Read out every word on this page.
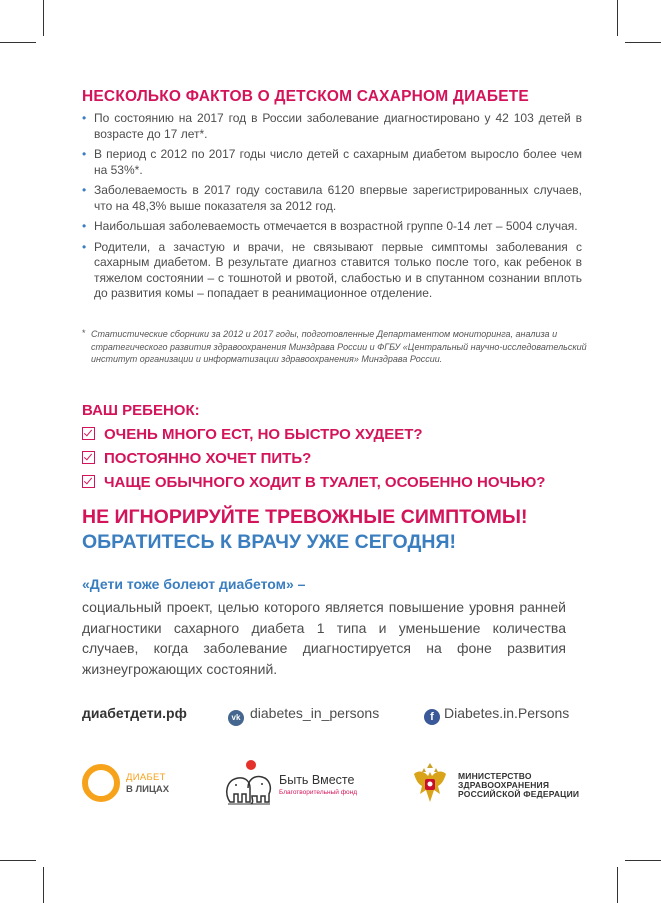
НЕСКОЛЬКО ФАКТОВ О ДЕТСКОМ САХАРНОМ ДИАБЕТЕ
• По состоянию на 2017 год в России заболевание диагностировано у 42 103 детей в возрасте до 17 лет*.
• В период с 2012 по 2017 годы число детей с сахарным диабетом выросло более чем на 53%*.
• Заболеваемость в 2017 году составила 6120 впервые зарегистрированных случаев, что на 48,3% выше показателя за 2012 год.
• Наибольшая заболеваемость отмечается в возрастной группе 0-14 лет – 5004 случая.
• Родители, а зачастую и врачи, не связывают первые симптомы заболевания с сахарным диабетом. В результате диагноз ставится только после того, как ребенок в тяжелом состоянии – с тошнотой и рвотой, слабостью и в спутанном сознании вплоть до развития комы – попадает в реанимационное отделение.
* Статистические сборники за 2012 и 2017 годы, подготовленные Департаментом мониторинга, анализа и стратегического развития здравоохранения Минздрава России и ФГБУ «Центральный научно-исследовательский институт организации и информатизации здравоохранения» Минздрава России.
ВАШ РЕБЕНОК:
ОЧЕНЬ МНОГО ЕСТ, НО БЫСТРО ХУДЕЕТ?
ПОСТОЯННО ХОЧЕТ ПИТЬ?
ЧАЩЕ ОБЫЧНОГО ХОДИТ В ТУАЛЕТ, ОСОБЕННО НОЧЬЮ?
НЕ ИГНОРИРУЙТЕ ТРЕВОЖНЫЕ СИМПТОМЫ!
ОБРАТИТЕСЬ К ВРАЧУ УЖЕ СЕГОДНЯ!
«Дети тоже болеют диабетом» –
социальный проект, целью которого является повышение уровня ранней диагностики сахарного диабета 1 типа и уменьшение количества случаев, когда заболевание диагностируется на фоне развития жизнеугрожающих состояний.
диабетдети.рф	vk diabetes_in_persons	f Diabetes.in.Persons
ДИАБЕТ
В ЛИЦАХ
Быть Вместе
Благотворительный фонд
МИНИСТЕРСТВО
ЗДРАВООХРАНЕНИЯ
РОССИЙСКОЙ ФЕДЕРАЦИИ
